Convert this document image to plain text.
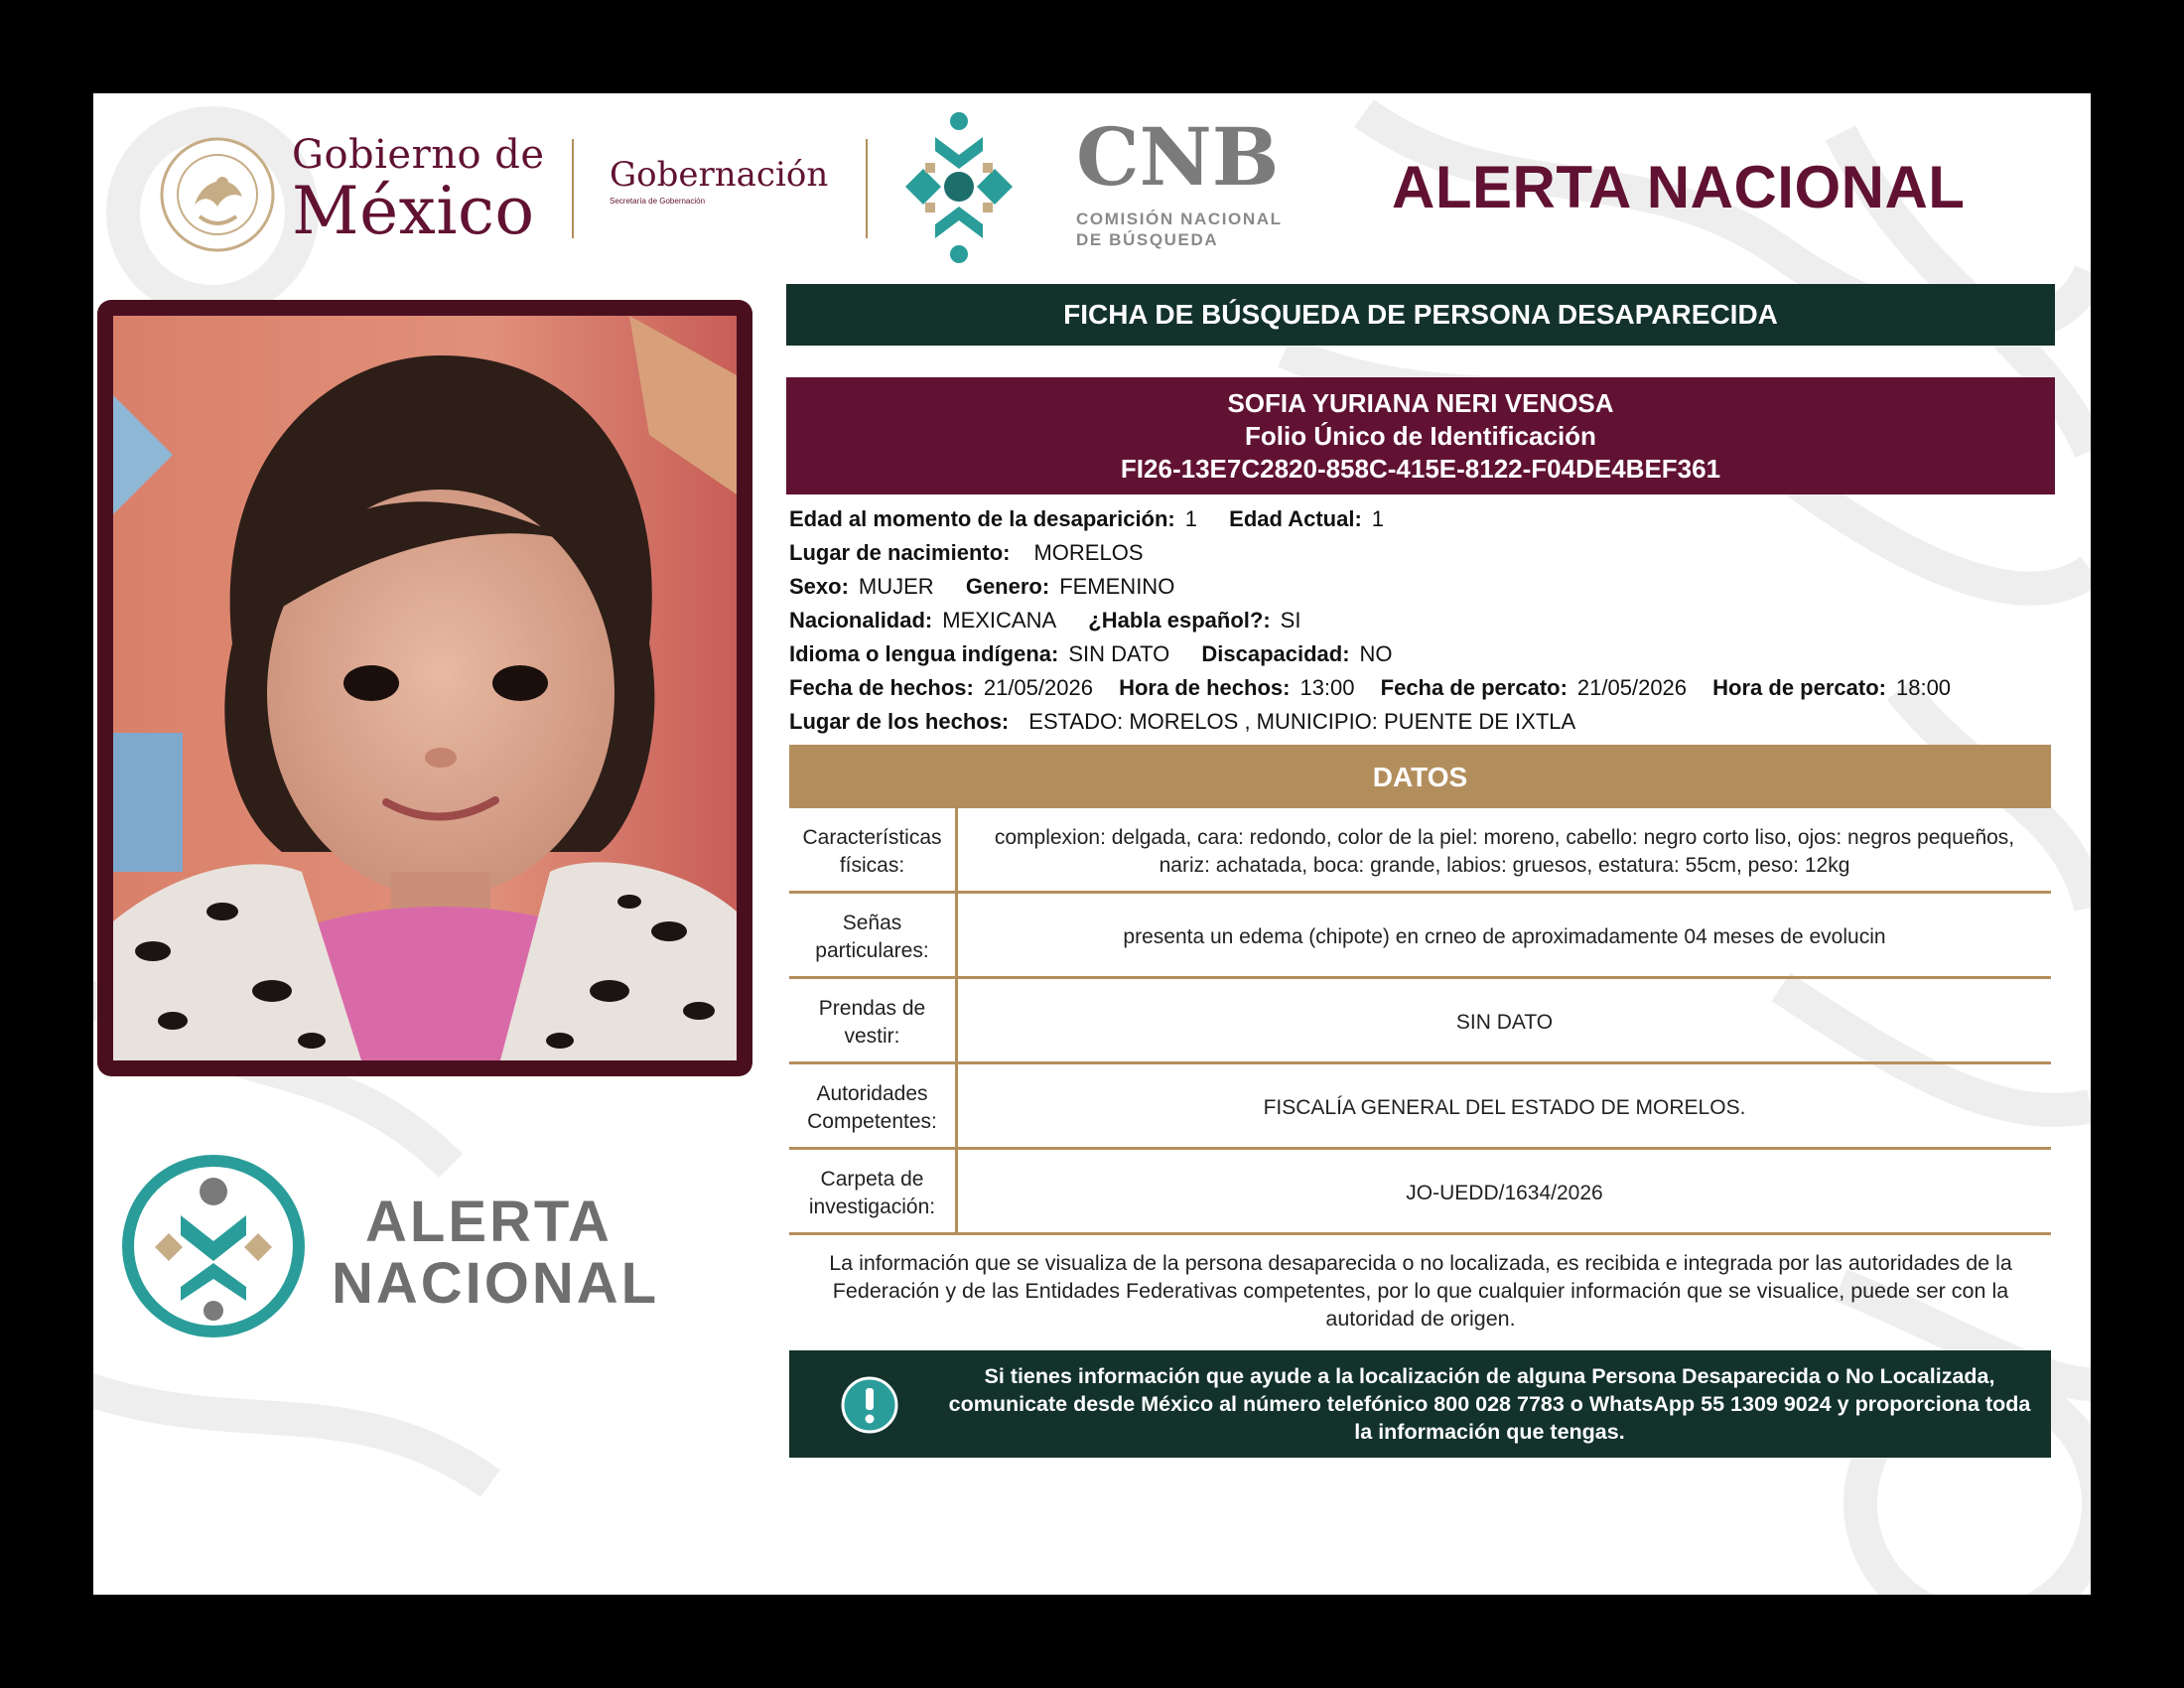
Gobierno de
México Gobernación
Secretaría de Gobernación	CNB
COMISIÓN NACIONAL
DE BÚSQUEDA
ALERTA NACIONAL
ALERTA
NACIONAL
FICHA DE BÚSQUEDA DE PERSONA DESAPARECIDA
SOFIA YURIANA NERI VENOSA
Folio Único de Identificación
FI26-13E7C2820-858C-415E-8122-F04DE4BEF361
Edad al momento de la desaparición: 1 Edad Actual: 1
Lugar de nacimiento: MORELOS
Sexo: MUJER Genero: FEMENINO
Nacionalidad: MEXICANA ¿Habla español?: SI
Idioma o lengua indígena: SIN DATO Discapacidad: NO
Fecha de hechos: 21/05/2026 Hora de hechos: 13:00 Fecha de percato: 21/05/2026 Hora de percato: 18:00
Lugar de los hechos: ESTADO: MORELOS , MUNICIPIO: PUENTE DE IXTLA
DATOS
Características físicas:
complexion: delgada, cara: redondo, color de la piel: moreno, cabello: negro corto liso, ojos: negros pequeños, nariz: achatada, boca: grande, labios: gruesos, estatura: 55cm, peso: 12kg
Señas particulares:
presenta un edema (chipote) en crneo de aproximadamente 04 meses de evolucin
Prendas de vestir:
SIN DATO
Autoridades Competentes:
FISCALÍA GENERAL DEL ESTADO DE MORELOS.
Carpeta de investigación:
JO-UEDD/1634/2026
La información que se visualiza de la persona desaparecida o no localizada, es recibida e integrada por las autoridades de la Federación y de las Entidades Federativas competentes, por lo que cualquier información que se visualice, puede ser con la autoridad de origen.
Si tienes información que ayude a la localización de alguna Persona Desaparecida o No Localizada, comunicate desde México al número telefónico 800 028 7783 o WhatsApp 55 1309 9024 y proporciona toda la información que tengas.
